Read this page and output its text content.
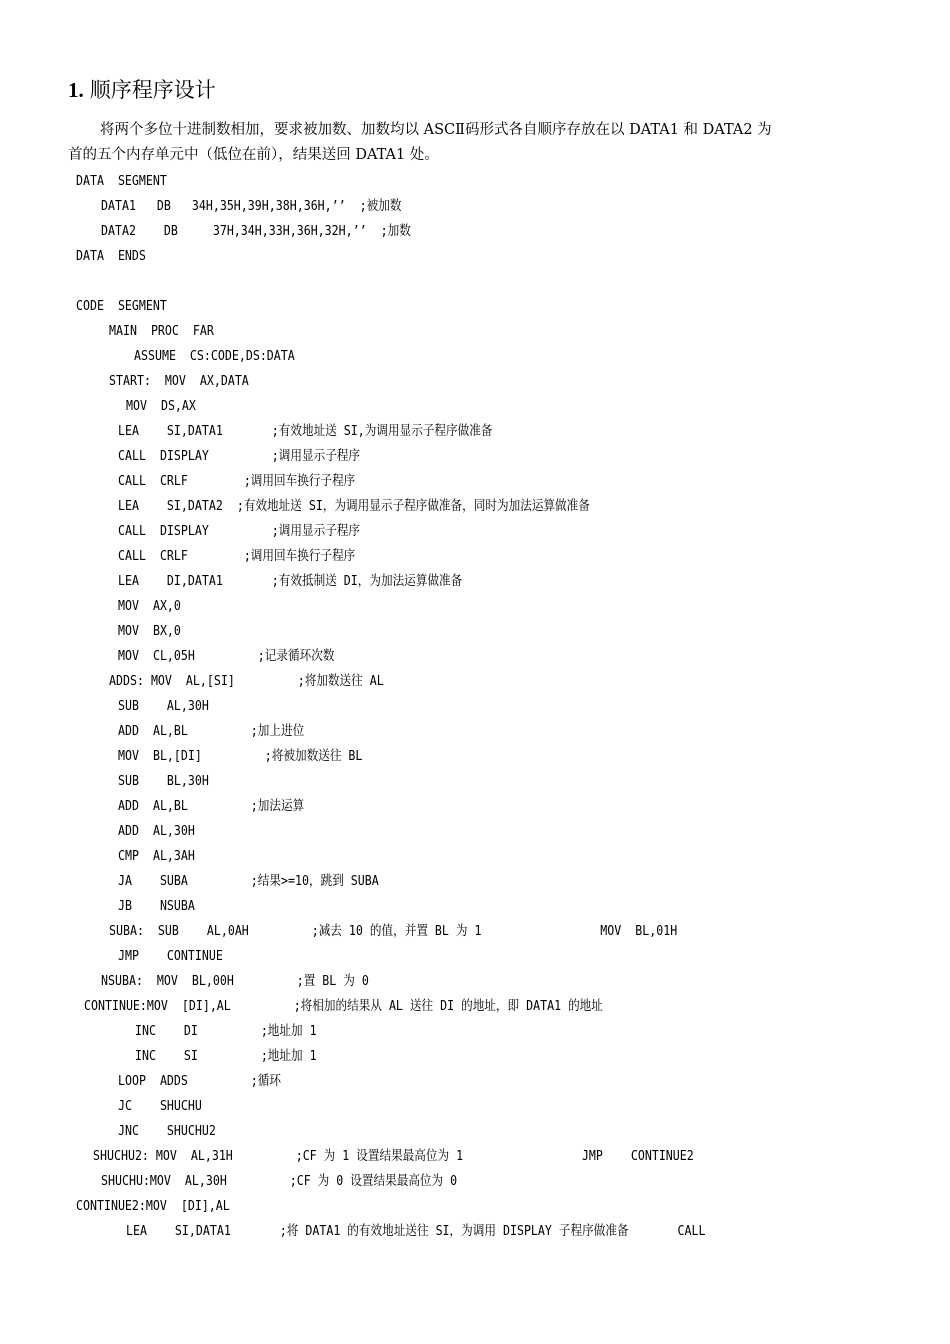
1. 顺序程序设计
将两个多位十进制数相加，要求被加数、加数均以 ASCⅡ码形式各自顺序存放在以 DATA1 和 DATA2 为
首的五个内存单元中（低位在前），结果送回 DATA1 处。
DATA  SEGMENT
DATA1   DB   34H,35H,39H,38H,36H,’’  ;被加数
DATA2    DB     37H,34H,33H,36H,32H,’’  ;加数
DATA  ENDS
CODE  SEGMENT
MAIN  PROC  FAR
ASSUME  CS:CODE,DS:DATA
START:  MOV  AX,DATA
MOV  DS,AX
LEA    SI,DATA1       ;有效地址送 SI,为调用显示子程序做准备
CALL  DISPLAY         ;调用显示子程序
CALL  CRLF        ;调用回车换行子程序
LEA    SI,DATA2  ;有效地址送 SI，为调用显示子程序做准备，同时为加法运算做准备
CALL  DISPLAY         ;调用显示子程序
CALL  CRLF        ;调用回车换行子程序
LEA    DI,DATA1       ;有效抵制送 DI，为加法运算做准备
MOV  AX,0
MOV  BX,0
MOV  CL,05H         ;记录循环次数
ADDS: MOV  AL,[SI]         ;将加数送往 AL
SUB    AL,30H
ADD  AL,BL         ;加上进位
MOV  BL,[DI]         ;将被加数送往 BL
SUB    BL,30H
ADD  AL,BL         ;加法运算
ADD  AL,30H
CMP  AL,3AH
JA    SUBA         ;结果>=10，跳到 SUBA
JB    NSUBA
SUBA:  SUB    AL,0AH         ;减去 10 的值，并置 BL 为 1                 MOV  BL,01H
JMP    CONTINUE
NSUBA:  MOV  BL,00H         ;置 BL 为 0
CONTINUE:MOV  [DI],AL         ;将相加的结果从 AL 送往 DI 的地址，即 DATA1 的地址
INC    DI         ;地址加 1
INC    SI         ;地址加 1
LOOP  ADDS         ;循环
JC    SHUCHU
JNC    SHUCHU2
SHUCHU2: MOV  AL,31H         ;CF 为 1 设置结果最高位为 1                 JMP    CONTINUE2
SHUCHU:MOV  AL,30H         ;CF 为 0 设置结果最高位为 0
CONTINUE2:MOV  [DI],AL
LEA    SI,DATA1       ;将 DATA1 的有效地址送往 SI，为调用 DISPLAY 子程序做准备       CALL
